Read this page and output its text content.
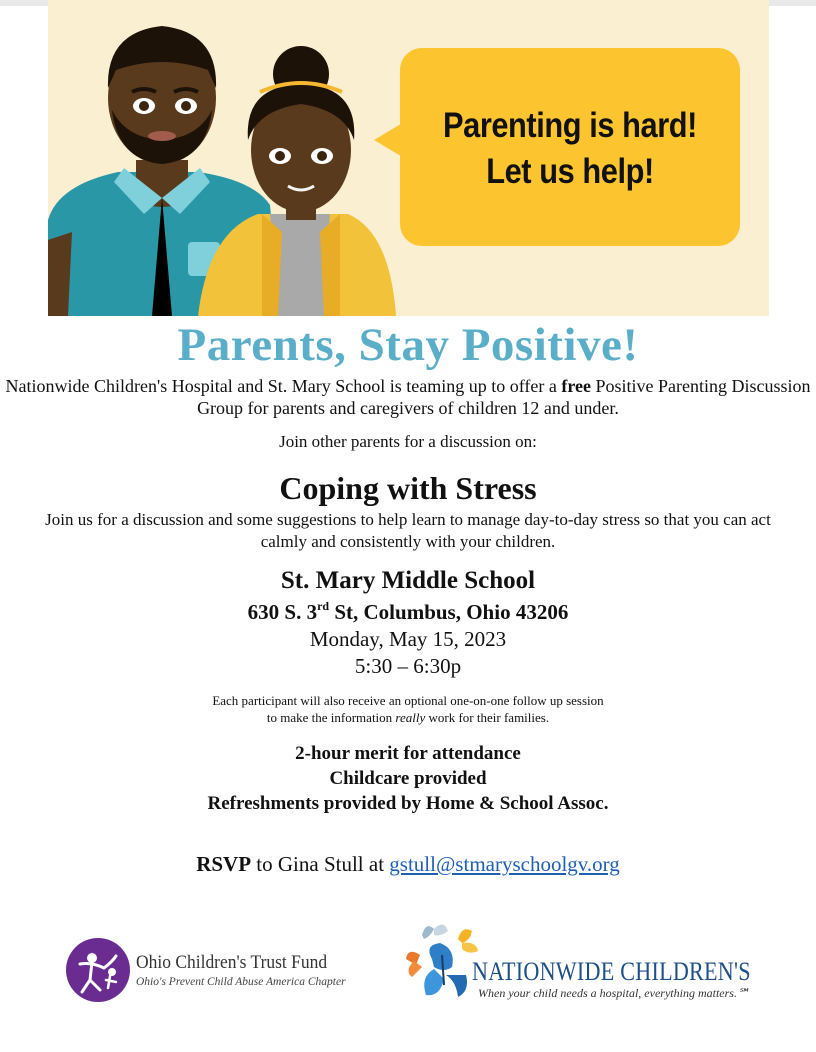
Parenting is hard!
Let us help!
Parents, Stay Positive!
Nationwide Children's Hospital and St. Mary School is teaming up to offer a free Positive Parenting Discussion Group for parents and caregivers of children 12 and under.
Join other parents for a discussion on:
Coping with Stress
Join us for a discussion and some suggestions to help learn to manage day-to-day stress so that you can act calmly and consistently with your children.
St. Mary Middle School
630 S. 3rd St, Columbus, Ohio 43206
Monday, May 15, 2023
5:30 – 6:30p
Each participant will also receive an optional one-on-one follow up session
to make the information really work for their families.
2-hour merit for attendance
Childcare provided
Refreshments provided by Home & School Assoc.
RSVP to Gina Stull at gstull@stmaryschoolgv.org
Ohio Children's Trust Fund
Ohio's Prevent Child Abuse America Chapter	NATIONWIDE CHILDREN'S
When your child needs a hospital, everything matters.℠
